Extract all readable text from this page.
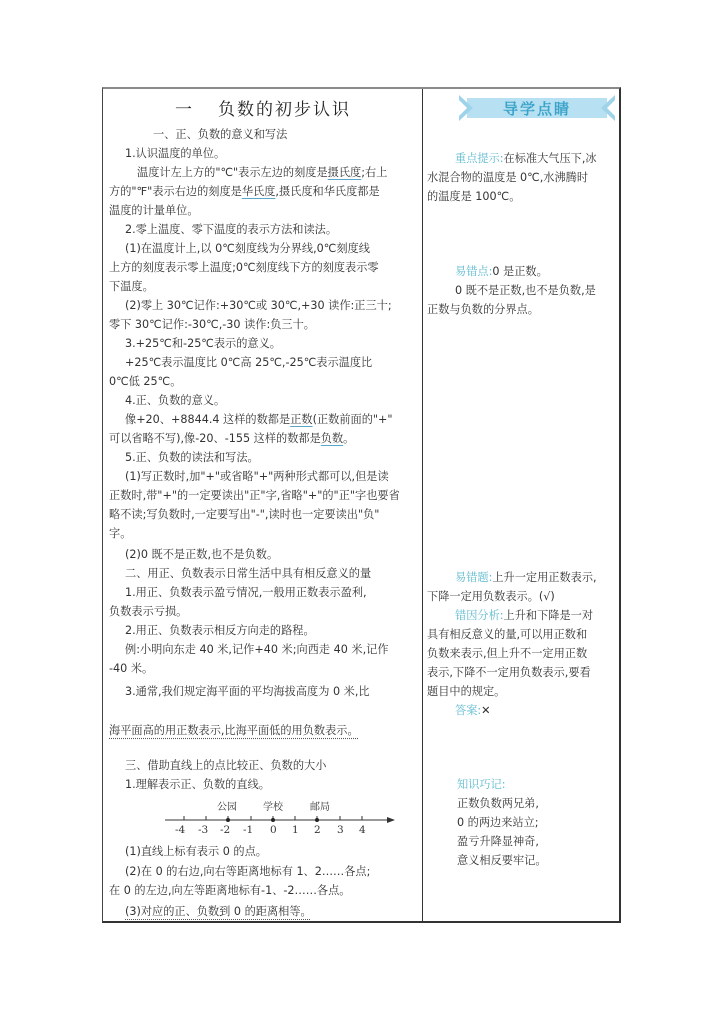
一 负数的初步认识
一、正、负数的意义和写法
1.认识温度的单位。
温度计左上方的"℃"表示左边的刻度是摄氏度;右上
方的"℉"表示右边的刻度是华氏度,摄氏度和华氏度都是
温度的计量单位。
2.零上温度、零下温度的表示方法和读法。
(1)在温度计上,以 0℃刻度线为分界线,0℃刻度线
上方的刻度表示零上温度;0℃刻度线下方的刻度表示零
下温度。
(2)零上 30℃记作:+30℃或 30℃,+30 读作:正三十;
零下 30℃记作:-30℃,-30 读作:负三十。
3.+25℃和-25℃表示的意义。
+25℃表示温度比 0℃高 25℃,-25℃表示温度比
0℃低 25℃。
4.正、负数的意义。
像+20、+8844.4 这样的数都是正数(正数前面的"+"
可以省略不写),像-20、-155 这样的数都是负数。
5.正、负数的读法和写法。
(1)写正数时,加"+"或省略"+"两种形式都可以,但是读
正数时,带"+"的一定要读出"正"字,省略"+"的"正"字也要省
略不读;写负数时,一定要写出"-",读时也一定要读出"负"
字。
(2)0 既不是正数,也不是负数。
二、用正、负数表示日常生活中具有相反意义的量
1.用正、负数表示盈亏情况,一般用正数表示盈利,
负数表示亏损。
2.用正、负数表示相反方向走的路程。
例:小明向东走 40 米,记作+40 米;向西走 40 米,记作
-40 米。
3.通常,我们规定海平面的平均海拔高度为 0 米,比
海平面高的用正数表示,比海平面低的用负数表示。
三、借助直线上的点比较正、负数的大小
1.理解表示正、负数的直线。
公园	学校	邮局
-4 -3 -2 -1 0 1 2 3 4
(1)直线上标有表示 0 的点。
(2)在 0 的右边,向右等距离地标有 1、2……各点;
在 0 的左边,向左等距离地标有-1、-2……各点。
(3)对应的正、负数到 0 的距离相等。
导学点睛
重点提示:在标准大气压下,冰
水混合物的温度是 0℃,水沸腾时
的温度是 100℃。
易错点:0 是正数。
0 既不是正数,也不是负数,是
正数与负数的分界点。
易错题:上升一定用正数表示,
下降一定用负数表示。(√)
错因分析:上升和下降是一对
具有相反意义的量,可以用正数和
负数来表示,但上升不一定用正数
表示,下降不一定用负数表示,要看
题目中的规定。
答案:✕
知识巧记:
正数负数两兄弟,
0 的两边来站立;
盈亏升降显神奇,
意义相反要牢记。
